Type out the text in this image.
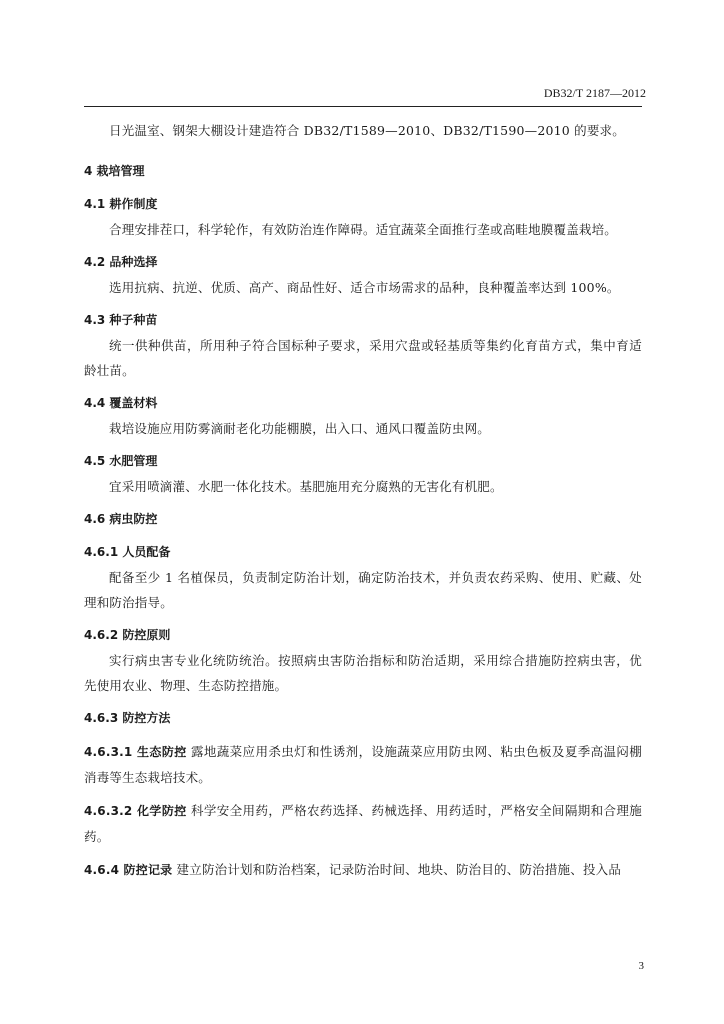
DB32/T 2187—2012

日光温室、钢架大棚设计建造符合 DB32/T1589—2010、DB32/T1590—2010 的要求。

4 栽培管理

4.1 耕作制度

合理安排茬口，科学轮作，有效防治连作障碍。适宜蔬菜全面推行垄或高畦地膜覆盖栽培。

4.2 品种选择

选用抗病、抗逆、优质、高产、商品性好、适合市场需求的品种，良种覆盖率达到 100%。

4.3 种子种苗

统一供种供苗，所用种子符合国标种子要求，采用穴盘或轻基质等集约化育苗方式，集中育适龄壮苗。

4.4 覆盖材料

栽培设施应用防雾滴耐老化功能棚膜，出入口、通风口覆盖防虫网。

4.5 水肥管理

宜采用喷滴灌、水肥一体化技术。基肥施用充分腐熟的无害化有机肥。

4.6 病虫防控

4.6.1 人员配备

配备至少 1 名植保员，负责制定防治计划，确定防治技术，并负责农药采购、使用、贮藏、处理和防治指导。

4.6.2 防控原则

实行病虫害专业化统防统治。按照病虫害防治指标和防治适期，采用综合措施防控病虫害，优先使用农业、物理、生态防控措施。

4.6.3 防控方法

4.6.3.1 生态防控 露地蔬菜应用杀虫灯和性诱剂，设施蔬菜应用防虫网、粘虫色板及夏季高温闷棚消毒等生态栽培技术。

4.6.3.2 化学防控 科学安全用药，严格农药选择、药械选择、用药适时，严格安全间隔期和合理施药。

4.6.4 防控记录 建立防治计划和防治档案，记录防治时间、地块、防治目的、防治措施、投入品

3
